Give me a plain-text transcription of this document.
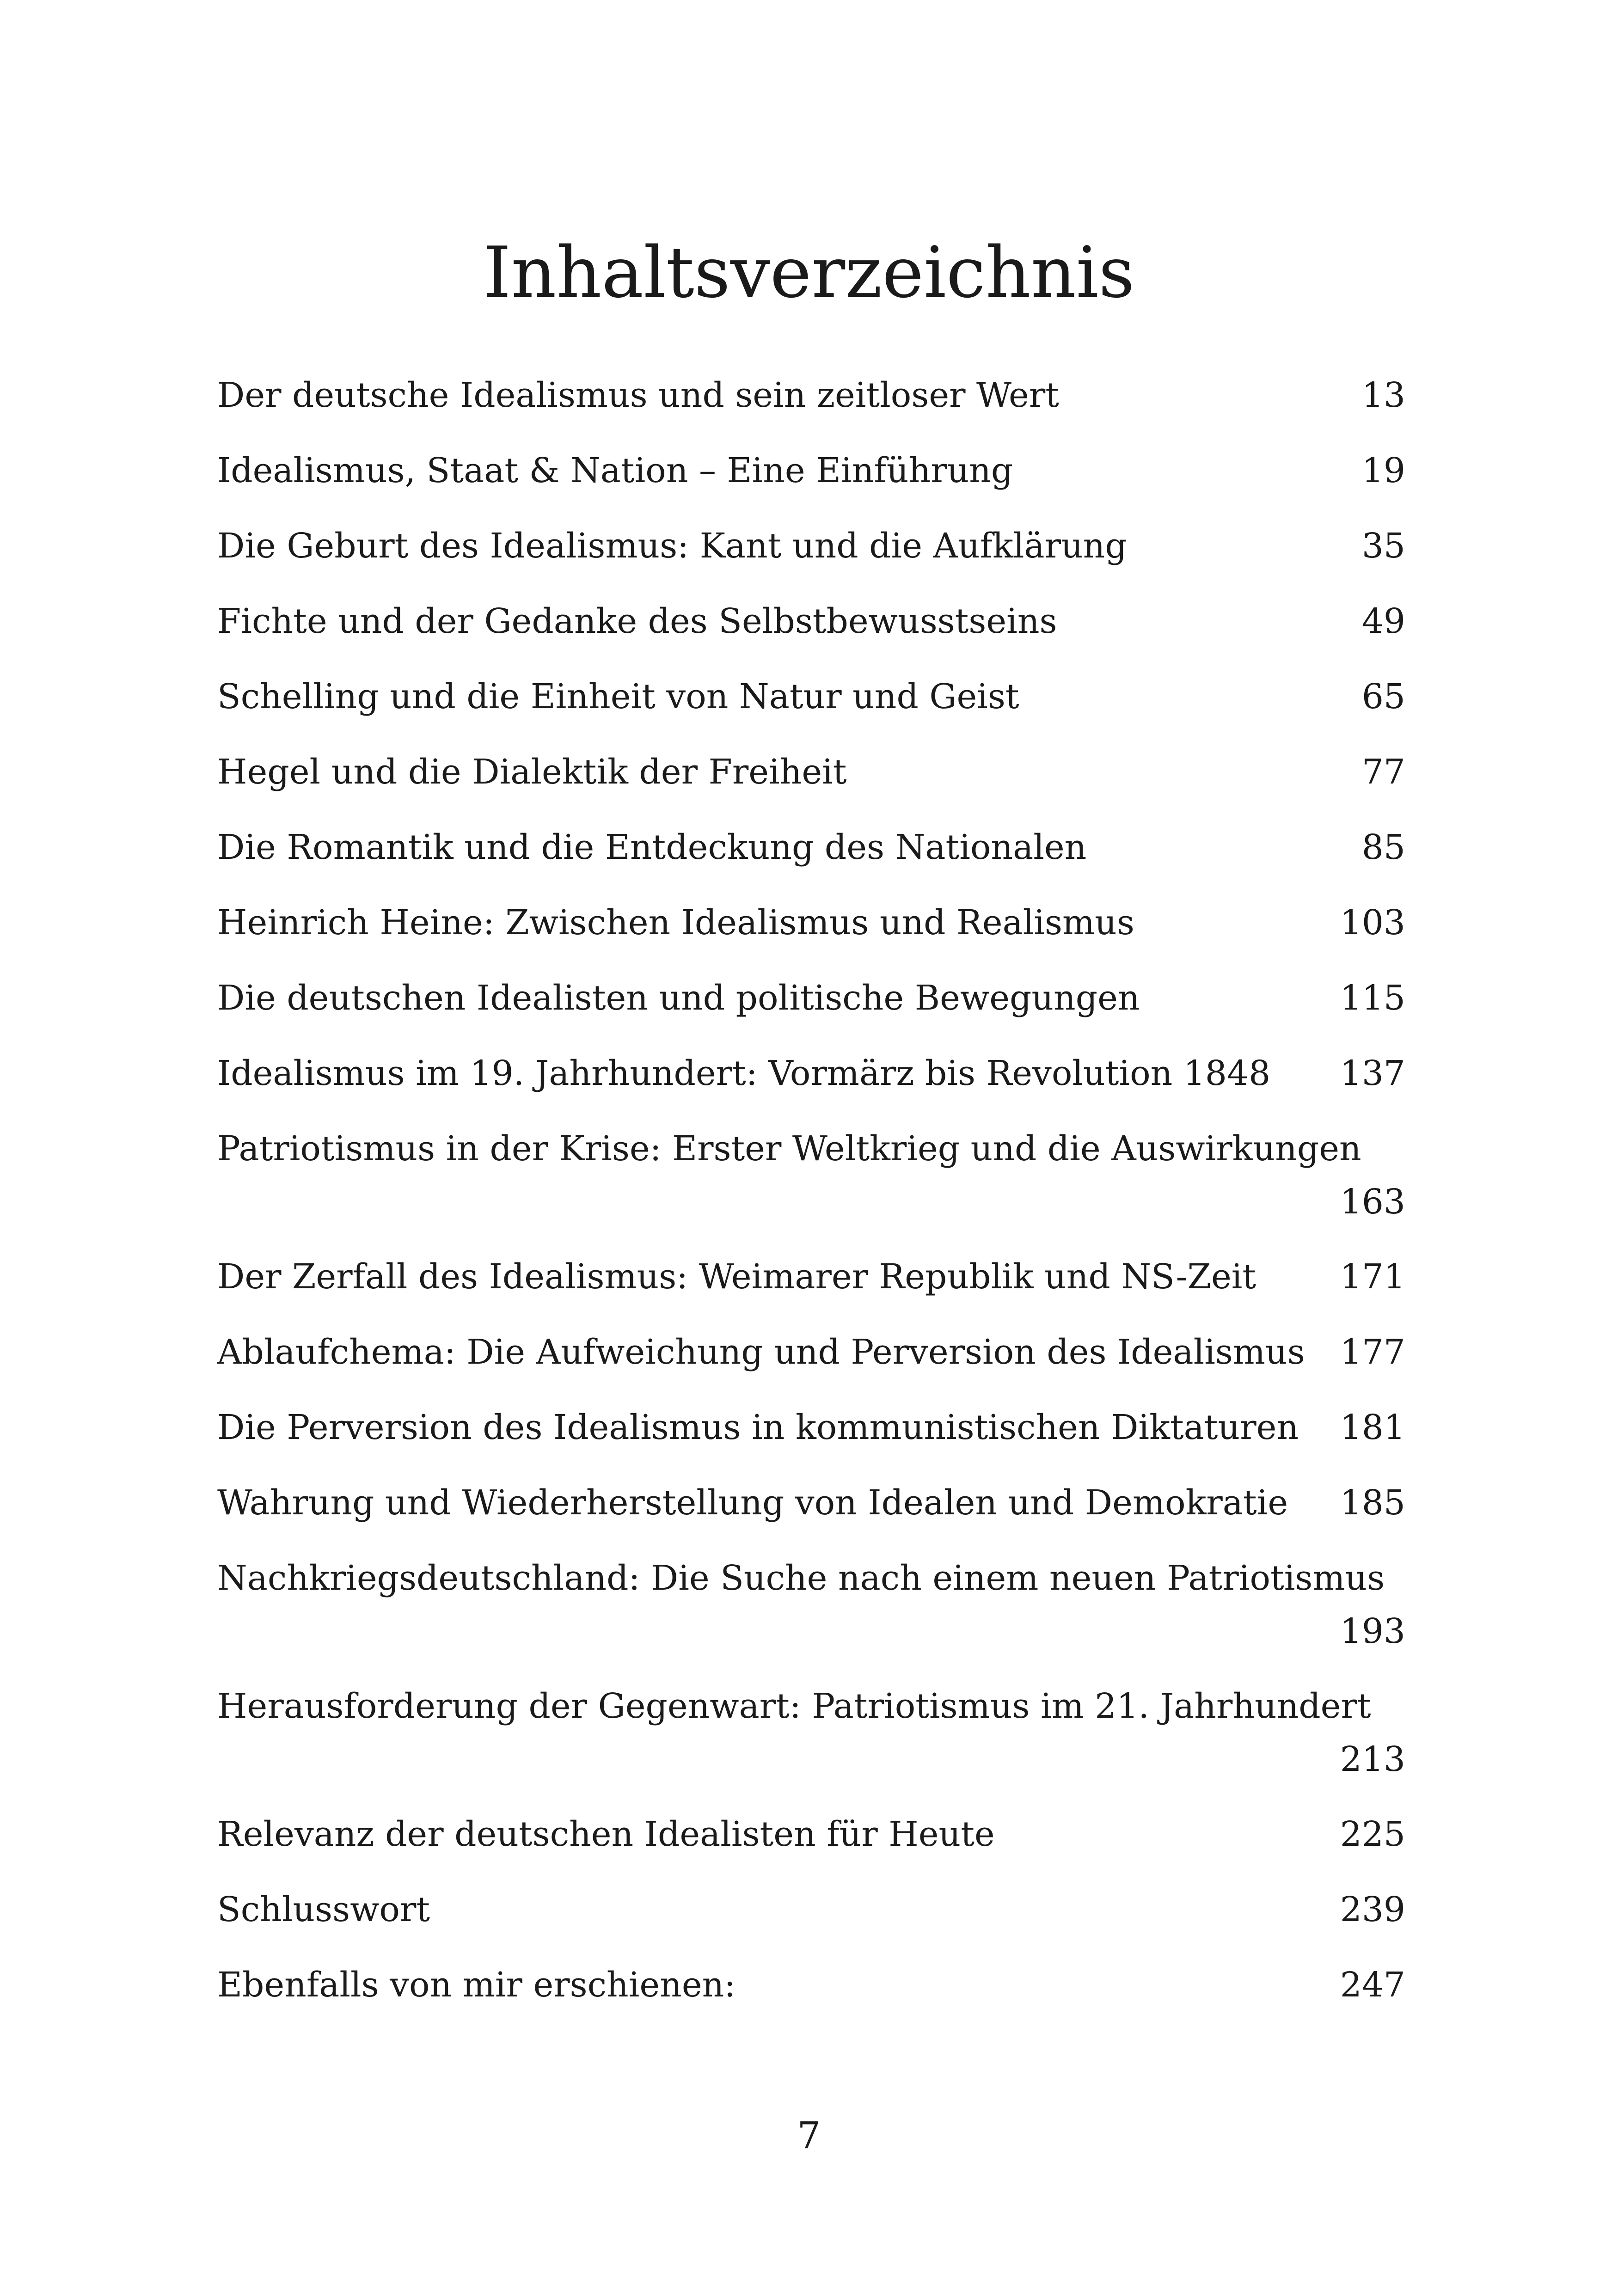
Inhaltsverzeichnis
Der deutsche Idealismus und sein zeitloser Wert	13
Idealismus, Staat & Nation – Eine Einführung	19
Die Geburt des Idealismus: Kant und die Aufklärung	35
Fichte und der Gedanke des Selbstbewusstseins	49
Schelling und die Einheit von Natur und Geist	65
Hegel und die Dialektik der Freiheit	77
Die Romantik und die Entdeckung des Nationalen	85
Heinrich Heine: Zwischen Idealismus und Realismus	103
Die deutschen Idealisten und politische Bewegungen	115
Idealismus im 19. Jahrhundert: Vormärz bis Revolution 1848 137
Patriotismus in der Krise: Erster Weltkrieg und die Auswirkungen
163
Der Zerfall des Idealismus: Weimarer Republik und NS-Zeit 171
Ablaufchema: Die Aufweichung und Perversion des Idealismus 177
Die Perversion des Idealismus in kommunistischen Diktaturen 181
Wahrung und Wiederherstellung von Idealen und Demokratie 185
Nachkriegsdeutschland: Die Suche nach einem neuen Patriotismus
193
Herausforderung der Gegenwart: Patriotismus im 21. Jahrhundert
213
Relevanz der deutschen Idealisten für Heute	225
Schlusswort	239
Ebenfalls von mir erschienen:	247
7
